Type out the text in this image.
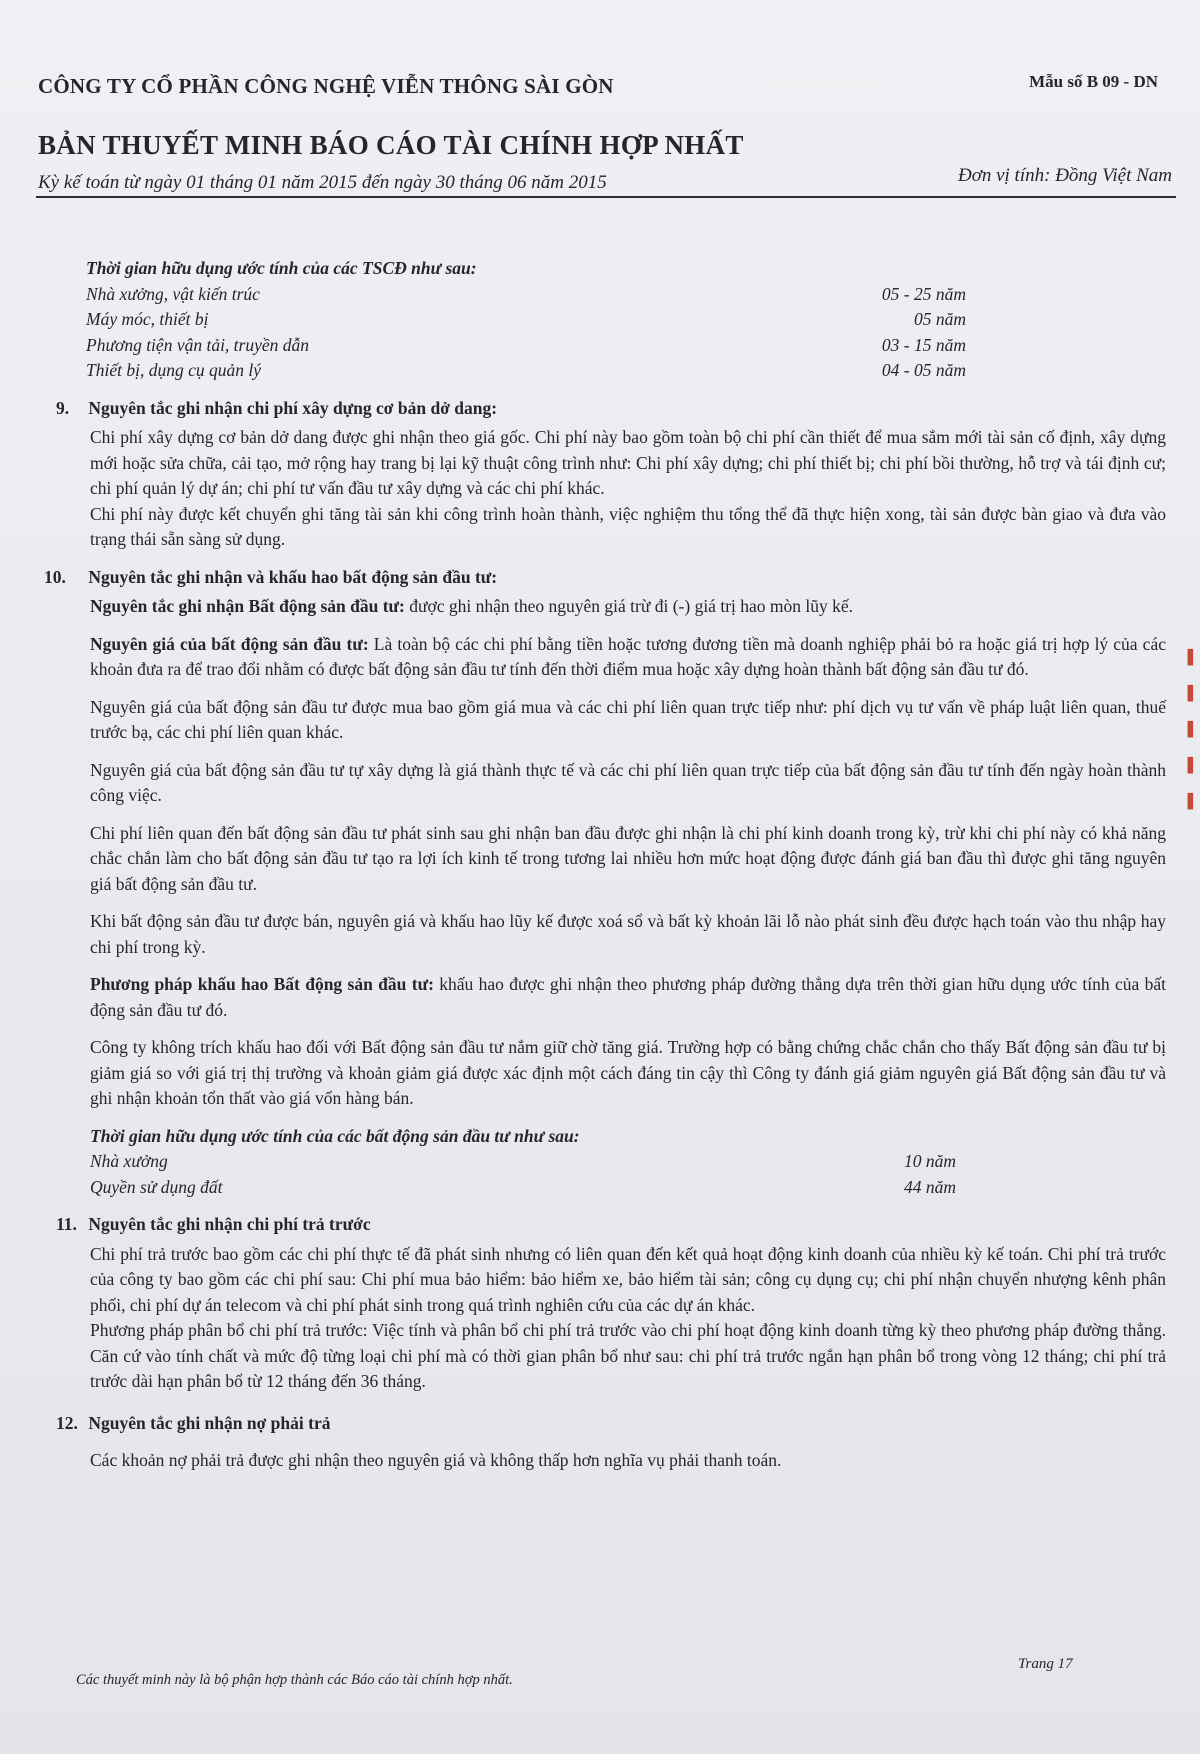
CÔNG TY CỔ PHẦN CÔNG NGHỆ VIỄN THÔNG SÀI GÒN	Mẫu số B 09 - DN
BẢN THUYẾT MINH BÁO CÁO TÀI CHÍNH HỢP NHẤT
Kỳ kế toán từ ngày 01 tháng 01 năm 2015 đến ngày 30 tháng 06 năm 2015	Đơn vị tính: Đồng Việt Nam
Thời gian hữu dụng ước tính của các TSCĐ như sau:
Nhà xưởng, vật kiến trúc	05 - 25 năm
Máy móc, thiết bị	05 năm
Phương tiện vận tải, truyền dẫn	03 - 15 năm
Thiết bị, dụng cụ quản lý	04 - 05 năm
9. Nguyên tắc ghi nhận chi phí xây dựng cơ bản dở dang:

Chi phí xây dựng cơ bản dở dang được ghi nhận theo giá gốc. Chi phí này bao gồm toàn bộ chi phí cần thiết để mua sắm mới tài sản cố định, xây dựng mới hoặc sửa chữa, cải tạo, mở rộng hay trang bị lại kỹ thuật công trình như: Chi phí xây dựng; chi phí thiết bị; chi phí bồi thường, hỗ trợ và tái định cư; chi phí quản lý dự án; chi phí tư vấn đầu tư xây dựng và các chi phí khác.

Chi phí này được kết chuyển ghi tăng tài sản khi công trình hoàn thành, việc nghiệm thu tổng thể đã thực hiện xong, tài sản được bàn giao và đưa vào trạng thái sẵn sàng sử dụng.

10. Nguyên tắc ghi nhận và khấu hao bất động sản đầu tư:

Nguyên tắc ghi nhận Bất động sản đầu tư: được ghi nhận theo nguyên giá trừ đi (-) giá trị hao mòn lũy kế.

Nguyên giá của bất động sản đầu tư: Là toàn bộ các chi phí bằng tiền hoặc tương đương tiền mà doanh nghiệp phải bỏ ra hoặc giá trị hợp lý của các khoản đưa ra để trao đổi nhằm có được bất động sản đầu tư tính đến thời điểm mua hoặc xây dựng hoàn thành bất động sản đầu tư đó.

Nguyên giá của bất động sản đầu tư được mua bao gồm giá mua và các chi phí liên quan trực tiếp như: phí dịch vụ tư vấn về pháp luật liên quan, thuế trước bạ, các chi phí liên quan khác.

Nguyên giá của bất động sản đầu tư tự xây dựng là giá thành thực tế và các chi phí liên quan trực tiếp của bất động sản đầu tư tính đến ngày hoàn thành công việc.

Chi phí liên quan đến bất động sản đầu tư phát sinh sau ghi nhận ban đầu được ghi nhận là chi phí kinh doanh trong kỳ, trừ khi chi phí này có khả năng chắc chắn làm cho bất động sản đầu tư tạo ra lợi ích kinh tế trong tương lai nhiều hơn mức hoạt động được đánh giá ban đầu thì được ghi tăng nguyên giá bất động sản đầu tư.

Khi bất động sản đầu tư được bán, nguyên giá và khấu hao lũy kế được xoá sổ và bất kỳ khoản lãi lỗ nào phát sinh đều được hạch toán vào thu nhập hay chi phí trong kỳ.

Phương pháp khấu hao Bất động sản đầu tư: khấu hao được ghi nhận theo phương pháp đường thẳng dựa trên thời gian hữu dụng ước tính của bất động sản đầu tư đó.

Công ty không trích khấu hao đối với Bất động sản đầu tư nắm giữ chờ tăng giá. Trường hợp có bằng chứng chắc chắn cho thấy Bất động sản đầu tư bị giảm giá so với giá trị thị trường và khoản giảm giá được xác định một cách đáng tin cậy thì Công ty đánh giá giảm nguyên giá Bất động sản đầu tư và ghi nhận khoản tổn thất vào giá vốn hàng bán.

Thời gian hữu dụng ước tính của các bất động sản đầu tư như sau:
Nhà xưởng	10 năm
Quyền sử dụng đất	44 năm
11. Nguyên tắc ghi nhận chi phí trả trước

Chi phí trả trước bao gồm các chi phí thực tế đã phát sinh nhưng có liên quan đến kết quả hoạt động kinh doanh của nhiều kỳ kế toán. Chi phí trả trước của công ty bao gồm các chi phí sau: Chi phí mua bảo hiểm: bảo hiểm xe, bảo hiểm tài sản; công cụ dụng cụ; chi phí nhận chuyển nhượng kênh phân phối, chi phí dự án telecom và chi phí phát sinh trong quá trình nghiên cứu của các dự án khác.

Phương pháp phân bổ chi phí trả trước: Việc tính và phân bổ chi phí trả trước vào chi phí hoạt động kinh doanh từng kỳ theo phương pháp đường thẳng. Căn cứ vào tính chất và mức độ từng loại chi phí mà có thời gian phân bổ như sau: chi phí trả trước ngắn hạn phân bổ trong vòng 12 tháng; chi phí trả trước dài hạn phân bổ từ 12 tháng đến 36 tháng.

12. Nguyên tắc ghi nhận nợ phải trả

Các khoản nợ phải trả được ghi nhận theo nguyên giá và không thấp hơn nghĩa vụ phải thanh toán.

Các thuyết minh này là bộ phận hợp thành các Báo cáo tài chính hợp nhất.
Trang 17
▌
▌
▌
▌
▌
